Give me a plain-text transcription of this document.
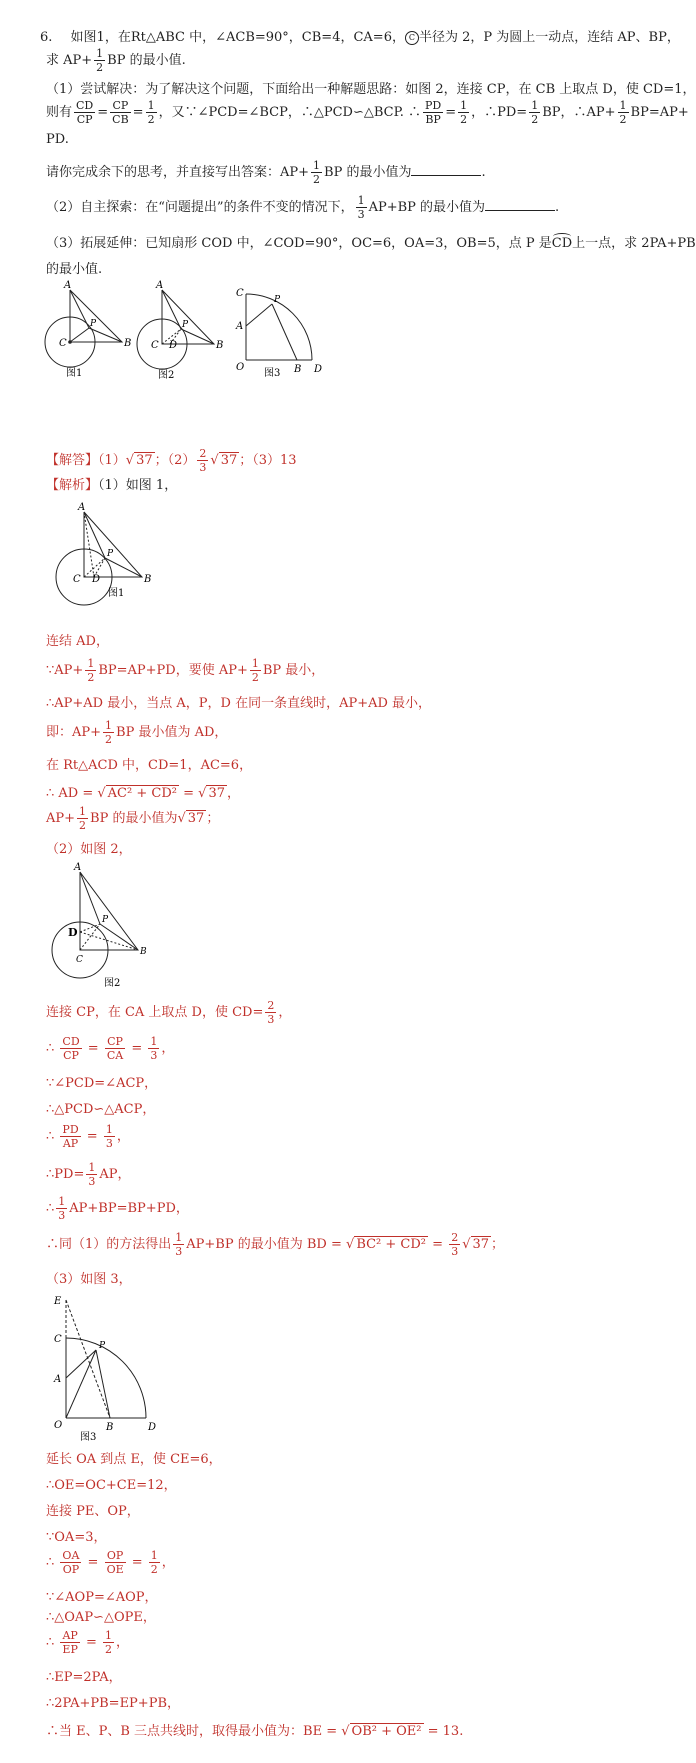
6. 如图1，在Rt△ABC 中，∠ACB=90°，CB=4，CA=6， C 半径为 2，P 为圆上一动点，连结 AP、BP，
求 $AP+ \frac{1}{2}$ BP 的最小值.
（1）尝试解决：为了解决这个问题，下面给出一种解题思路：如图 2，连接 CP，在 CB 上取点 D，使 CD=1，
则有 $\frac{CD}{CP} = \frac{CP}{CB} = \frac{1}{2}$ ，又∵∠PCD=∠BCP，∴△PCD∽△BCP. ∴ $\frac{PD}{BP} = \frac{1}{2}$ ，∴PD= $\frac{1}{2}$ BP，∴AP+ $\frac{1}{2} BP=AP+$
PD.
请你完成余下的思考，并直接写出答案：$AP+ \frac{1}{2}$ BP 的最小值为	.
（2）自主探索：在“问题提出”的条件不变的情况下， $\frac{1}{3} AP+BP$ 的最小值为	.
（3）拓展延伸：已知扇形 COD 中，∠COD=90°，OC=6，OA=3，OB=5，点 P 是CD上一点，求 2PA+PB
的最小值.
A
C	B
P
图1
A
C D	B
P
图2
C
A
P
O	B D
图3
【解答】（1）√ 37 ；$(2) \frac{2}{3}$ √ 37 ；（3）13
【解析】（1）如图 1，
A
C D	B
P
图1
连结 AD，
∵AP+ $\frac{1}{2} BP=AP+PD$，要使 $AP+ \frac{1}{2}$ BP 最小，
∴AP+AD 最小，当点 A，P，D 在同一条直线时，AP+AD 最小，
即：$AP+ \frac{1}{2}$ BP 最小值为 AD，
在 Rt△ACD 中，CD=1，AC=6，
∴ AD = √ AC² + CD² = √ 37 ，
$AP+ \frac{1}{2}$ BP 的最小值为√ 37 ；
（2）如图 2，
A
D
C
B
P
图2
连接 CP，在 CA 上取点 D，使 $CD= \frac{2}{3}$ ，
∴ $\frac{CD}{CP} = \frac{CP}{CA} = \frac{1}{3}$ ，
∵∠PCD=∠ACP，
∴△PCD∽△ACP，
∴ $\frac{PD}{AP} = \frac{1}{3}$ ，
∴PD= $\frac{1}{3}$ AP，
∴ $\frac{1}{3} AP+BP=BP+PD$，
∴同（1）的方法得出 $\frac{1}{3} AP+BP$ 的最小值为 BD = √ $BC^2 + CD^2 = \frac{2}{3}$ √ 37 ；
（3）如图 3，
E
C
A
P
O	B	D
图3
延长 OA 到点 E，使 CE=6，
∴OE=OC+CE=12，
连接 PE、OP，
∵OA=3，
∴ $\frac{OA}{OP} = \frac{OP}{OE} = \frac{1}{2}$ ，
∵∠AOP=∠AOP，
∴△OAP∽△OPE，
∴ $\frac{AP}{EP} = \frac{1}{2}$ ，
∴EP=2PA，
∴2PA+PB=EP+PB，
∴当 E、P、B 三点共线时，取得最小值为：BE = √ OB² + OE² = 13.
